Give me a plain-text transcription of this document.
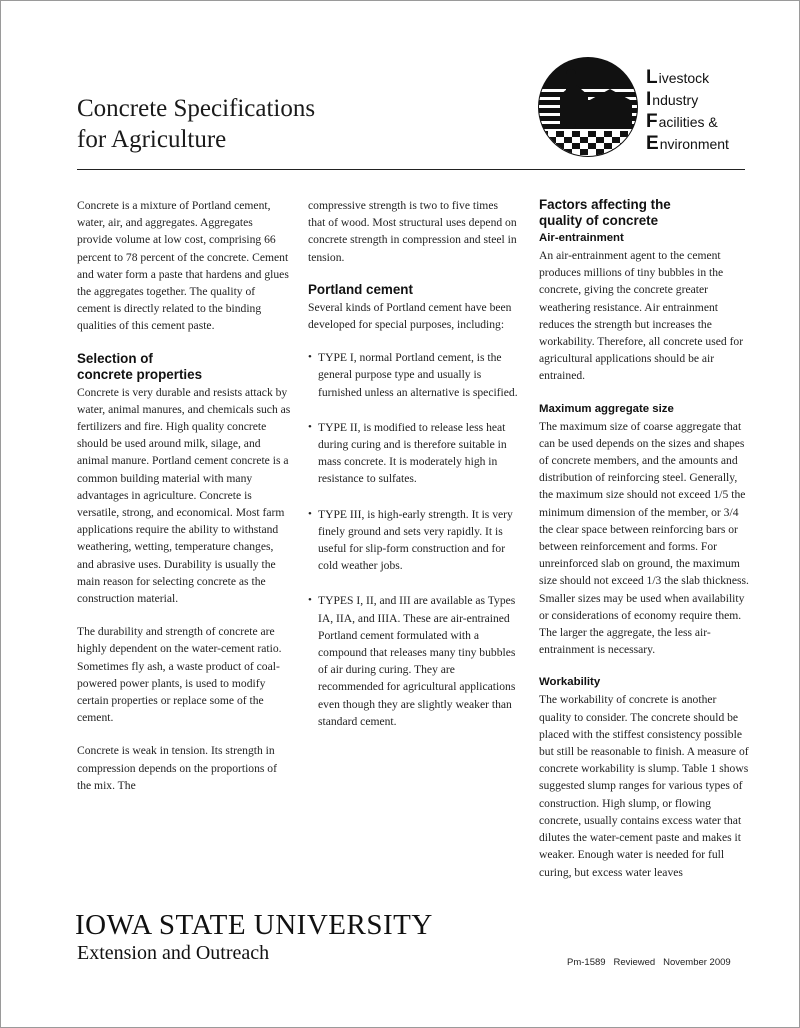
Concrete Specifications
for Agriculture
Livestock
Industry
Facilities &
Environment

Concrete is a mixture of Portland cement, water, air, and aggregates. Aggregates provide volume at low cost, comprising 66 percent to 78 percent of the concrete. Cement and water form a paste that hardens and glues the aggregates together. The quality of cement is directly related to the binding qualities of this cement paste.

Selection of
concrete properties

Concrete is very durable and resists attack by water, animal manures, and chemicals such as fertilizers and fire. High quality concrete should be used around milk, silage, and animal manure. Portland cement concrete is a common building material with many advantages in agriculture. Concrete is versatile, strong, and economical. Most farm applications require the ability to withstand weathering, wetting, temperature changes, and abrasive uses. Durability is usually the main reason for selecting concrete as the construction material.

The durability and strength of concrete are highly dependent on the water-cement ratio. Sometimes fly ash, a waste product of coal-powered power plants, is used to modify certain properties or replace some of the cement.

Concrete is weak in tension. Its strength in compression depends on the proportions of the mix. The

compressive strength is two to five times that of wood. Most structural uses depend on concrete strength in compression and steel in tension.

Portland cement

Several kinds of Portland cement have been developed for special purposes, including:

• TYPE I, normal Portland cement, is the general purpose type and usually is furnished unless an alternative is specified.
• TYPE II, is modified to release less heat during curing and is therefore suitable in mass concrete. It is moderately high in resistance to sulfates.
• TYPE III, is high-early strength. It is very finely ground and sets very rapidly. It is useful for slip-form construction and for cold weather jobs.
• TYPES I, II, and III are available as Types IA, IIA, and IIIA. These are air-entrained Portland cement formulated with a compound that releases many tiny bubbles of air during curing. They are recommended for agricultural applications even though they are slightly weaker than standard cement.
Factors affecting the
quality of concrete
Air-entrainment

An air-entrainment agent to the cement produces millions of tiny bubbles in the concrete, giving the concrete greater weathering resistance. Air entrainment reduces the strength but increases the workability. Therefore, all concrete used for agricultural applications should be air entrained.

Maximum aggregate size

The maximum size of coarse aggregate that can be used depends on the sizes and shapes of concrete members, and the amounts and distribution of reinforcing steel. Generally, the maximum size should not exceed 1/5 the minimum dimension of the member, or 3/4 the clear space between reinforcing bars or between reinforcement and forms. For unreinforced slab on ground, the maximum size should not exceed 1/3 the slab thickness. Smaller sizes may be used when availability or considerations of economy require them. The larger the aggregate, the less air-entrainment is necessary.

Workability

The workability of concrete is another quality to consider. The concrete should be placed with the stiffest consistency possible but still be reasonable to finish. A measure of concrete workability is slump. Table 1 shows suggested slump ranges for various types of construction. High slump, or flowing concrete, usually contains excess water that dilutes the water-cement paste and makes it weaker. Enough water is needed for full curing, but excess water leaves

IOWA STATE UNIVERSITY
Extension and Outreach	Pm-1589   Reviewed   November 2009
